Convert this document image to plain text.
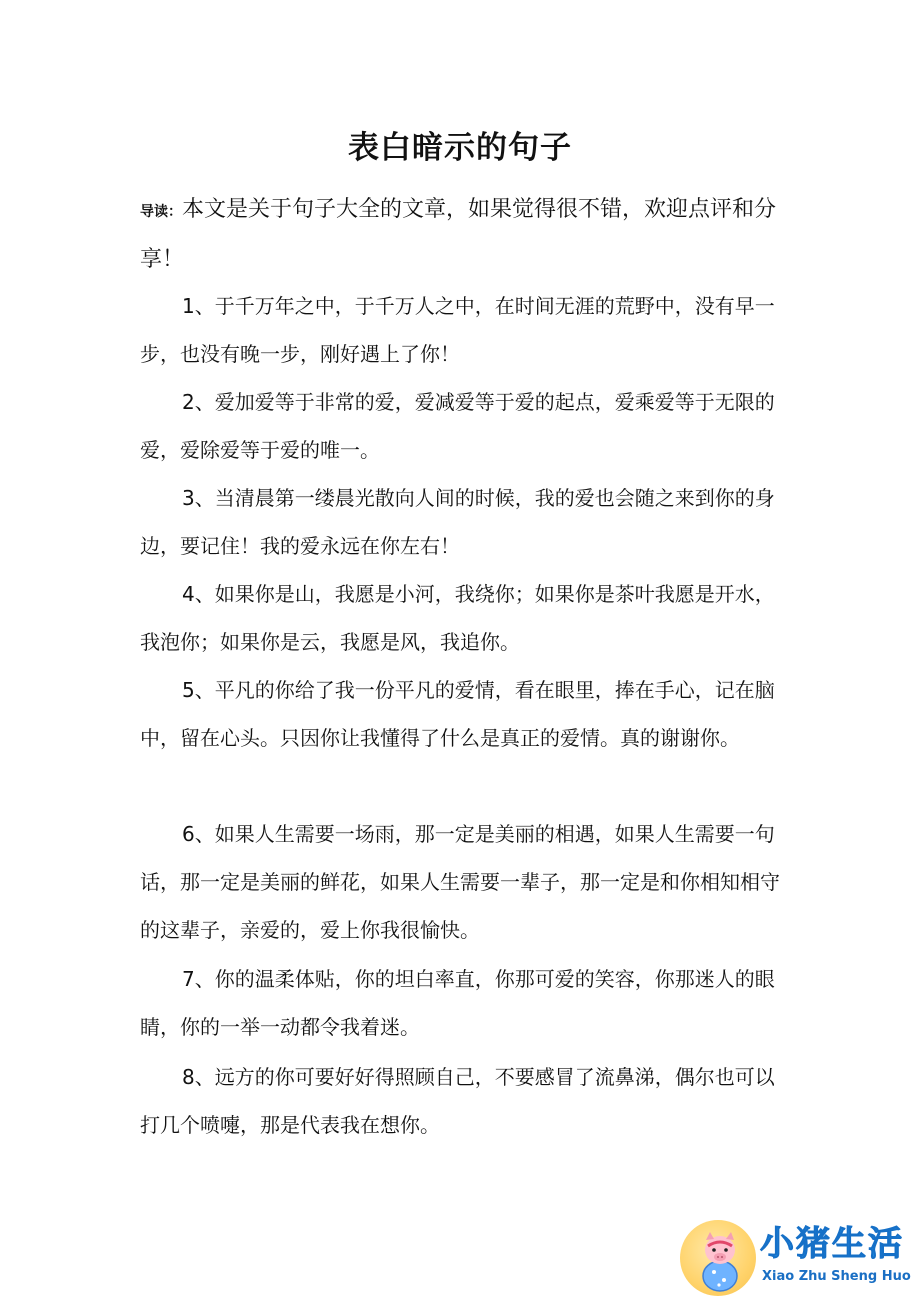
表白暗示的句子
导读：本文是关于句子大全的文章，如果觉得很不错，欢迎点评和分享！
1、于千万年之中，于千万人之中，在时间无涯的荒野中，没有早一步，也没有晚一步，刚好遇上了你！
2、爱加爱等于非常的爱，爱减爱等于爱的起点，爱乘爱等于无限的爱，爱除爱等于爱的唯一。
3、当清晨第一缕晨光散向人间的时候，我的爱也会随之来到你的身边，要记住！我的爱永远在你左右！
4、如果你是山，我愿是小河，我绕你；如果你是茶叶我愿是开水，我泡你；如果你是云，我愿是风，我追你。
5、平凡的你给了我一份平凡的爱情，看在眼里，捧在手心，记在脑中，留在心头。只因你让我懂得了什么是真正的爱情。真的谢谢你。
6、如果人生需要一场雨，那一定是美丽的相遇，如果人生需要一句话，那一定是美丽的鲜花，如果人生需要一辈子，那一定是和你相知相守的这辈子，亲爱的，爱上你我很愉快。
7、你的温柔体贴，你的坦白率直，你那可爱的笑容，你那迷人的眼睛，你的一举一动都令我着迷。
8、远方的你可要好好得照顾自己，不要感冒了流鼻涕，偶尔也可以打几个喷嚏，那是代表我在想你。
小猪生活
Xiao Zhu Sheng Huo
